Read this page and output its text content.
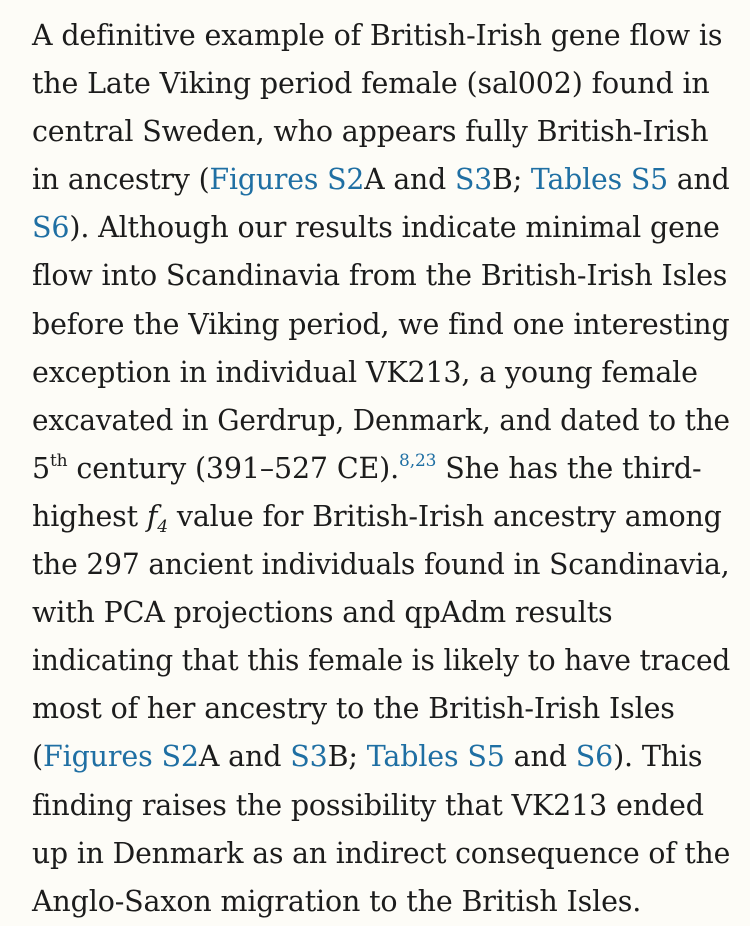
A definitive example of British-Irish gene flow is
the Late Viking period female (sal002) found in
central Sweden, who appears fully British-Irish
in ancestry (Figures S2A and S3B; Tables S5 and
S6). Although our results indicate minimal gene
flow into Scandinavia from the British-Irish Isles
before the Viking period, we find one interesting
exception in individual VK213, a young female
excavated in Gerdrup, Denmark, and dated to the
5th century (391–527 CE).$^{8,23}$ She has the third-
highest $f_4$ value for British-Irish ancestry among
the 297 ancient individuals found in Scandinavia,
with PCA projections and qpAdm results
indicating that this female is likely to have traced
most of her ancestry to the British-Irish Isles
(Figures S2A and S3B; Tables S5 and S6). This
finding raises the possibility that VK213 ended
up in Denmark as an indirect consequence of the
Anglo-Saxon migration to the British Isles.
